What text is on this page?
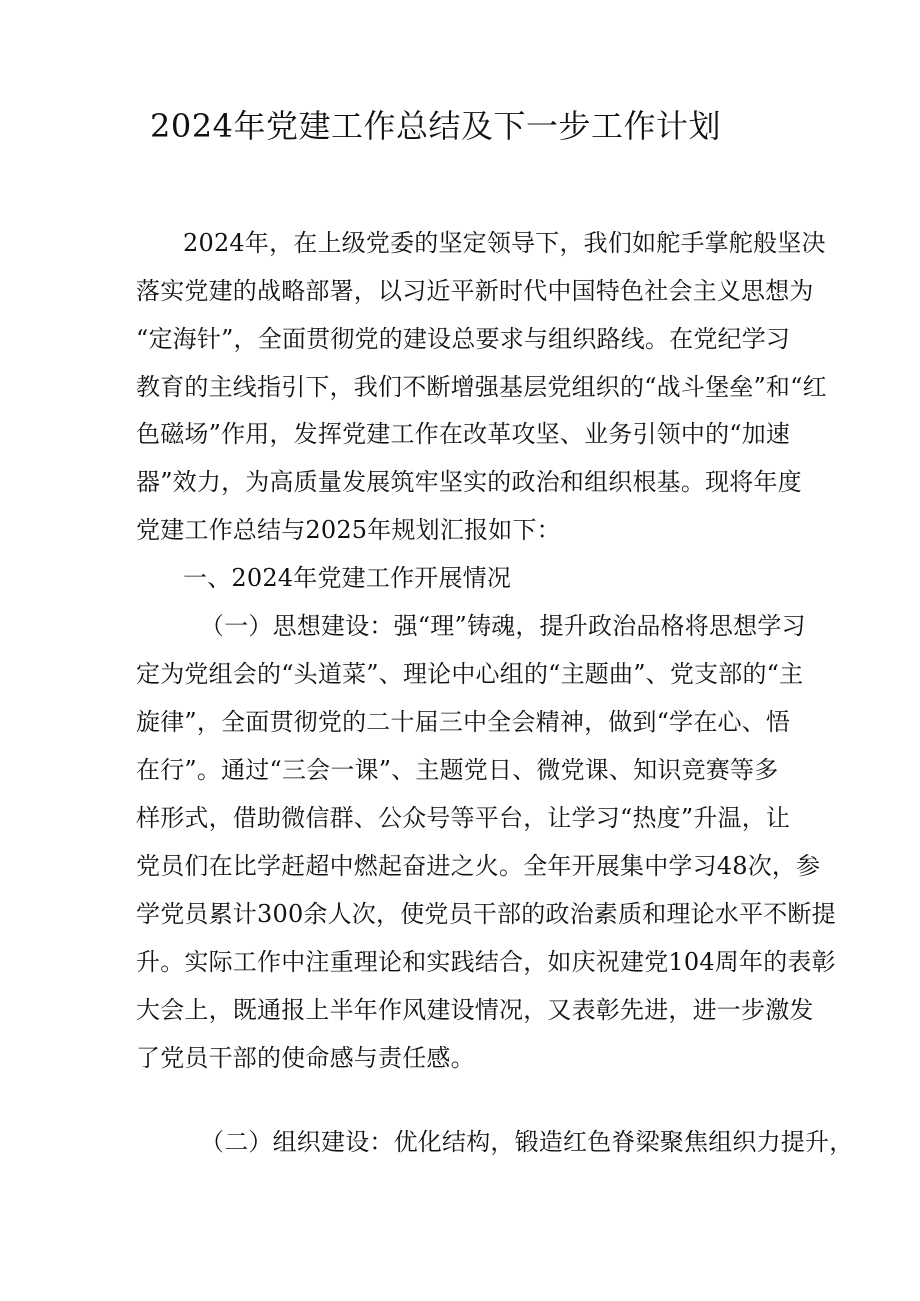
2024年党建工作总结及下一步工作计划
2024年，在上级党委的坚定领导下，我们如舵手掌舵般坚决
落实党建的战略部署，以习近平新时代中国特色社会主义思想为
“定海针”，全面贯彻党的建设总要求与组织路线。在党纪学习
教育的主线指引下，我们不断增强基层党组织的“战斗堡垒”和“红
色磁场”作用，发挥党建工作在改革攻坚、业务引领中的“加速
器”效力，为高质量发展筑牢坚实的政治和组织根基。现将年度
党建工作总结与2025年规划汇报如下：
一、2024年党建工作开展情况
（一）思想建设：强“理”铸魂，提升政治品格将思想学习
定为党组会的“头道菜”、理论中心组的“主题曲”、党支部的“主
旋律”，全面贯彻党的二十届三中全会精神，做到“学在心、悟
在行”。通过“三会一课”、主题党日、微党课、知识竞赛等多
样形式，借助微信群、公众号等平台，让学习“热度”升温，让
党员们在比学赶超中燃起奋进之火。全年开展集中学习48次，参
学党员累计300余人次，使党员干部的政治素质和理论水平不断提
升。实际工作中注重理论和实践结合，如庆祝建党104周年的表彰
大会上，既通报上半年作风建设情况，又表彰先进，进一步激发
了党员干部的使命感与责任感。
（二）组织建设：优化结构，锻造红色脊梁聚焦组织力提升，
